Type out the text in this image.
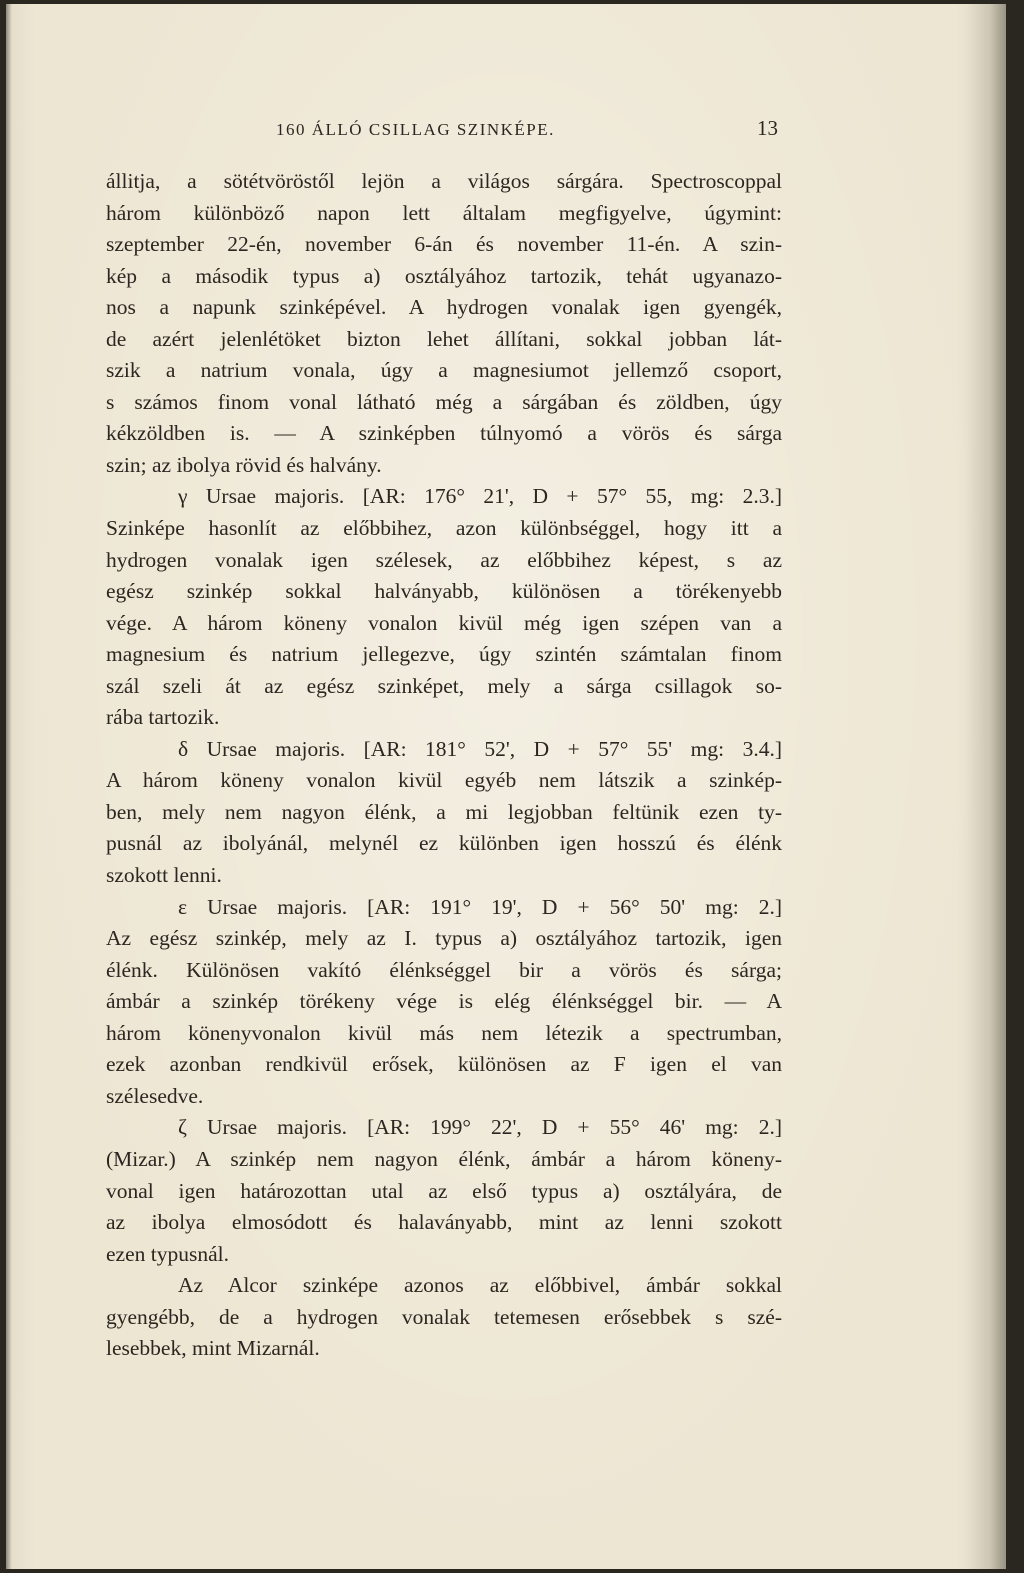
160 ÁLLÓ CSILLAG SZINKÉPE.	13
állitja, a sötétvöröstől lejön a világos sárgára. Spectroscoppal
három különböző napon lett általam megfigyelve, úgymint:
szeptember 22-én, november 6-án és november 11-én. A szin-
kép a második typus a) osztályához tartozik, tehát ugyanazo-
nos a napunk szinképével. A hydrogen vonalak igen gyengék,
de azért jelenlétöket bizton lehet állítani, sokkal jobban lát-
szik a natrium vonala, úgy a magnesiumot jellemző csoport,
s számos finom vonal látható még a sárgában és zöldben, úgy
kékzöldben is. — A szinképben túlnyomó a vörös és sárga
szin; az ibolya rövid és halvány.
γ Ursae majoris. [AR: 176° 21', D + 57° 55, mg: 2.3.]
Szinképe hasonlít az előbbihez, azon különbséggel, hogy itt a
hydrogen vonalak igen szélesek, az előbbihez képest, s az
egész szinkép sokkal halványabb, különösen a törékenyebb
vége. A három köneny vonalon kivül még igen szépen van a
magnesium és natrium jellegezve, úgy szintén számtalan finom
szál szeli át az egész szinképet, mely a sárga csillagok so-
rába tartozik.
δ Ursae majoris. [AR: 181° 52', D + 57° 55' mg: 3.4.]
A három köneny vonalon kivül egyéb nem látszik a szinkép-
ben, mely nem nagyon élénk, a mi legjobban feltünik ezen ty-
pusnál az ibolyánál, melynél ez különben igen hosszú és élénk
szokott lenni.
ε Ursae majoris. [AR: 191° 19', D + 56° 50' mg: 2.]
Az egész szinkép, mely az I. typus a) osztályához tartozik, igen
élénk. Különösen vakító élénkséggel bir a vörös és sárga;
ámbár a szinkép törékeny vége is elég élénkséggel bir. — A
három könenyvonalon kivül más nem létezik a spectrumban,
ezek azonban rendkivül erősek, különösen az F igen el van
szélesedve.
ζ Ursae majoris. [AR: 199° 22', D + 55° 46' mg: 2.]
(Mizar.) A szinkép nem nagyon élénk, ámbár a három köneny-
vonal igen határozottan utal az első typus a) osztályára, de
az ibolya elmosódott és halaványabb, mint az lenni szokott
ezen typusnál.
Az Alcor szinképe azonos az előbbivel, ámbár sokkal
gyengébb, de a hydrogen vonalak tetemesen erősebbek s szé-
lesebbek, mint Mizarnál.
